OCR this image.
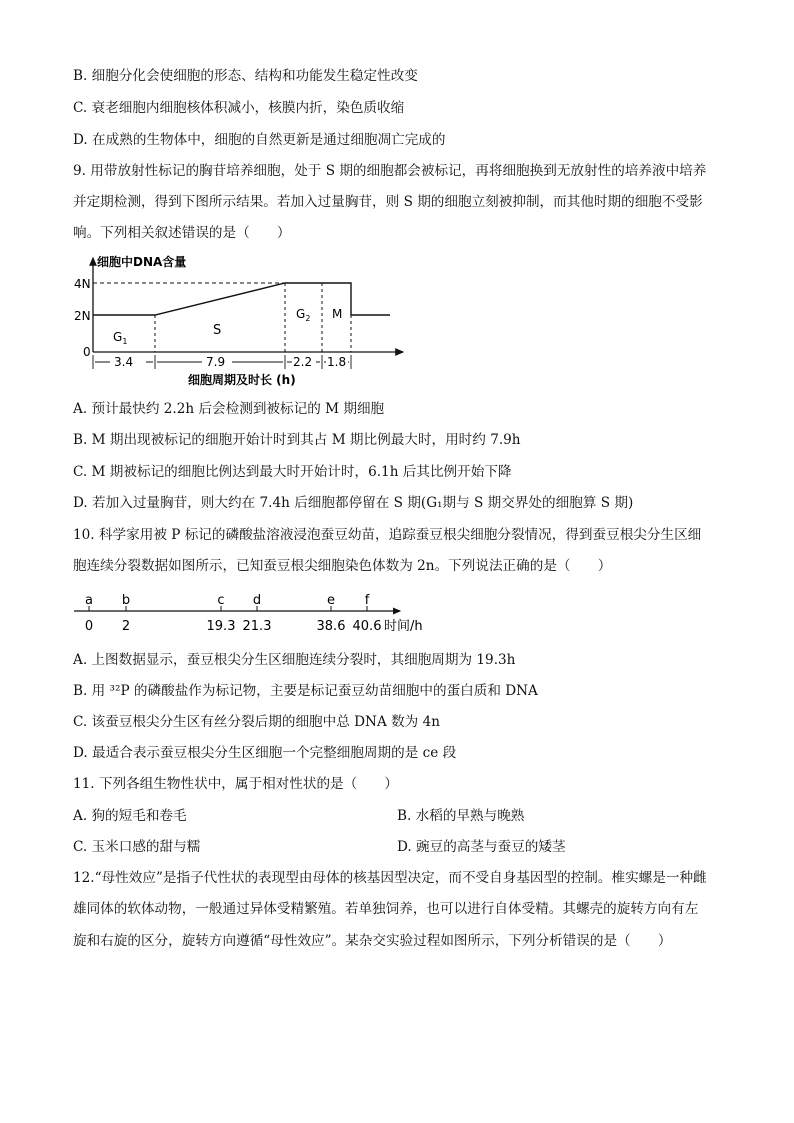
B. 细胞分化会使细胞的形态、结构和功能发生稳定性改变
C. 衰老细胞内细胞核体积减小，核膜内折，染色质收缩
D. 在成熟的生物体中，细胞的自然更新是通过细胞凋亡完成的
9. 用带放射性标记的胸苷培养细胞，处于 S 期的细胞都会被标记，再将细胞换到无放射性的培养液中培养
并定期检测，得到下图所示结果。若加入过量胸苷，则 S 期的细胞立刻被抑制，而其他时期的细胞不受影
响。下列相关叙述错误的是（　　）
细胞中DNA含量
4N
2N
0
$G_1$
S
$G_2$ M
3.4	7.9	2.2 1.8
细胞周期及时长 (h)
A. 预计最快约 2.2h 后会检测到被标记的 M 期细胞
B. M 期出现被标记的细胞开始计时到其占 M 期比例最大时，用时约 7.9h
C. M 期被标记的细胞比例达到最大时开始计时，6.1h 后其比例开始下降
D. 若加入过量胸苷，则大约在 7.4h 后细胞都停留在 S 期(G₁期与 S 期交界处的细胞算 S 期)
10. 科学家用被 P 标记的磷酸盐溶液浸泡蚕豆幼苗，追踪蚕豆根尖细胞分裂情况，得到蚕豆根尖分生区细
胞连续分裂数据如图所示，已知蚕豆根尖细胞染色体数为 2n。下列说法正确的是（　　）
a
0
b
2
c
19.3
d
21.3
e
38.6
f
40.6 时间/h
A. 上图数据显示，蚕豆根尖分生区细胞连续分裂时，其细胞周期为 19.3h
B. 用 ³²P 的磷酸盐作为标记物，主要是标记蚕豆幼苗细胞中的蛋白质和 DNA
C. 该蚕豆根尖分生区有丝分裂后期的细胞中总 DNA 数为 4n
D. 最适合表示蚕豆根尖分生区细胞一个完整细胞周期的是 ce 段
11. 下列各组生物性状中，属于相对性状的是（　　）
A. 狗的短毛和卷毛	B. 水稻的早熟与晚熟
C. 玉米口感的甜与糯	D. 豌豆的高茎与蚕豆的矮茎
12.“母性效应”是指子代性状的表现型由母体的核基因型决定，而不受自身基因型的控制。椎实螺是一种雌
雄同体的软体动物，一般通过异体受精繁殖。若单独饲养，也可以进行自体受精。其螺壳的旋转方向有左
旋和右旋的区分，旋转方向遵循“母性效应”。某杂交实验过程如图所示，下列分析错误的是（　　）
